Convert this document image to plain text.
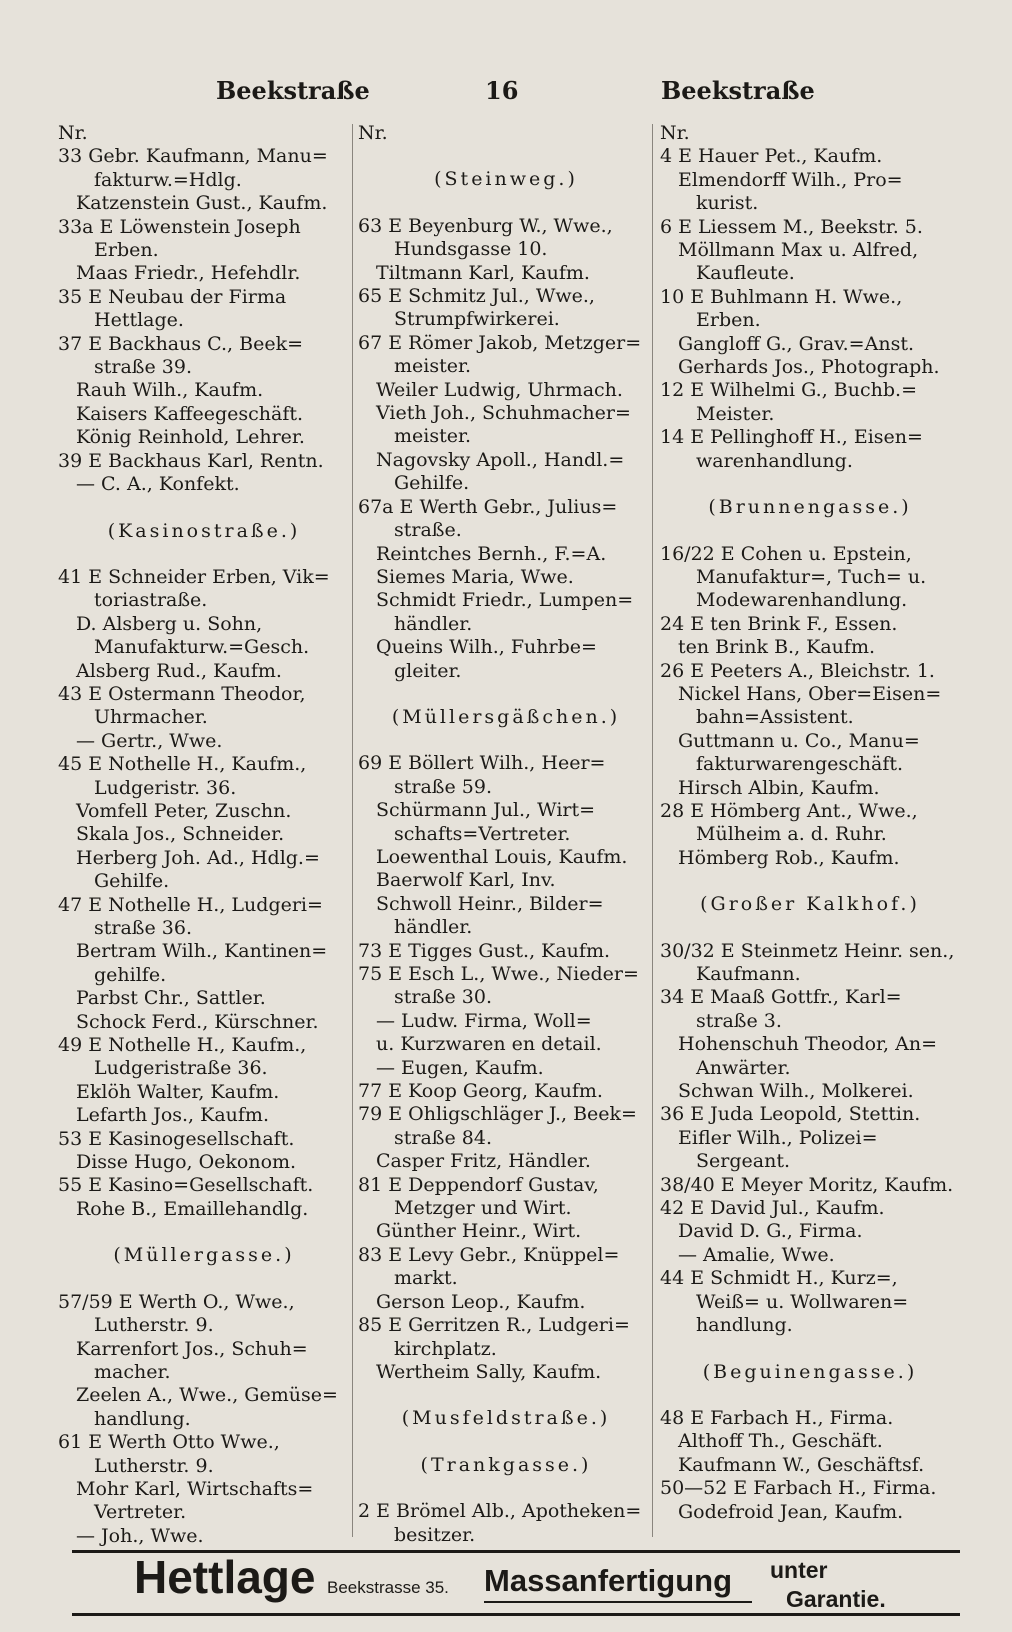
Beekstraße	16	Beekstraße
Nr.
33 Gebr. Kaufmann, Manu=
fakturw.=Hdlg.
Katzenstein Gust., Kaufm.
33a E Löwenstein Joseph
Erben.
Maas Friedr., Hefehdlr.
35 E Neubau der Firma
Hettlage.
37 E Backhaus C., Beek=
straße 39.
Rauh Wilh., Kaufm.
Kaisers Kaffeegeschäft.
König Reinhold, Lehrer.
39 E Backhaus Karl, Rentn.
— C. A., Konfekt.
(Kasinostraße.)
41 E Schneider Erben, Vik=
toriastraße.
D. Alsberg u. Sohn,
Manufakturw.=Gesch.
Alsberg Rud., Kaufm.
43 E Ostermann Theodor,
Uhrmacher.
— Gertr., Wwe.
45 E Nothelle H., Kaufm.,
Ludgeristr. 36.
Vomfell Peter, Zuschn.
Skala Jos., Schneider.
Herberg Joh. Ad., Hdlg.=
Gehilfe.
47 E Nothelle H., Ludgeri=
straße 36.
Bertram Wilh., Kantinen=
gehilfe.
Parbst Chr., Sattler.
Schock Ferd., Kürschner.
49 E Nothelle H., Kaufm.,
Ludgeristraße 36.
Eklöh Walter, Kaufm.
Lefarth Jos., Kaufm.
53 E Kasinogesellschaft.
Disse Hugo, Oekonom.
55 E Kasino=Gesellschaft.
Rohe B., Emaillehandlg.
(Müllergasse.)
57/59 E Werth O., Wwe.,
Lutherstr. 9.
Karrenfort Jos., Schuh=
macher.
Zeelen A., Wwe., Gemüse=
handlung.
61 E Werth Otto Wwe.,
Lutherstr. 9.
Mohr Karl, Wirtschafts=
Vertreter.
— Joh., Wwe.
Nr.
(Steinweg.)
63 E Beyenburg W., Wwe.,
Hundsgasse 10.
Tiltmann Karl, Kaufm.
65 E Schmitz Jul., Wwe.,
Strumpfwirkerei.
67 E Römer Jakob, Metzger=
meister.
Weiler Ludwig, Uhrmach.
Vieth Joh., Schuhmacher=
meister.
Nagovsky Apoll., Handl.=
Gehilfe.
67a E Werth Gebr., Julius=
straße.
Reintches Bernh., F.=A.
Siemes Maria, Wwe.
Schmidt Friedr., Lumpen=
händler.
Queins Wilh., Fuhrbe=
gleiter.
(Müllersgäßchen.)
69 E Böllert Wilh., Heer=
straße 59.
Schürmann Jul., Wirt=
schafts=Vertreter.
Loewenthal Louis, Kaufm.
Baerwolf Karl, Inv.
Schwoll Heinr., Bilder=
händler.
73 E Tigges Gust., Kaufm.
75 E Esch L., Wwe., Nieder=
straße 30.
— Ludw. Firma, Woll=
u. Kurzwaren en detail.
— Eugen, Kaufm.
77 E Koop Georg, Kaufm.
79 E Ohligschläger J., Beek=
straße 84.
Casper Fritz, Händler.
81 E Deppendorf Gustav,
Metzger und Wirt.
Günther Heinr., Wirt.
83 E Levy Gebr., Knüppel=
markt.
Gerson Leop., Kaufm.
85 E Gerritzen R., Ludgeri=
kirchplatz.
Wertheim Sally, Kaufm.
(Musfeldstraße.)
(Trankgasse.)
2 E Brömel Alb., Apotheken=
besitzer.
Nr.
4 E Hauer Pet., Kaufm.
Elmendorff Wilh., Pro=
kurist.
6 E Liessem M., Beekstr. 5.
Möllmann Max u. Alfred,
Kaufleute.
10 E Buhlmann H. Wwe.,
Erben.
Gangloff G., Grav.=Anst.
Gerhards Jos., Photograph.
12 E Wilhelmi G., Buchb.=
Meister.
14 E Pellinghoff H., Eisen=
warenhandlung.
(Brunnengasse.)
16/22 E Cohen u. Epstein,
Manufaktur=, Tuch= u.
Modewarenhandlung.
24 E ten Brink F., Essen.
ten Brink B., Kaufm.
26 E Peeters A., Bleichstr. 1.
Nickel Hans, Ober=Eisen=
bahn=Assistent.
Guttmann u. Co., Manu=
fakturwarengeschäft.
Hirsch Albin, Kaufm.
28 E Hömberg Ant., Wwe.,
Mülheim a. d. Ruhr.
Hömberg Rob., Kaufm.
(Großer Kalkhof.)
30/32 E Steinmetz Heinr. sen.,
Kaufmann.
34 E Maaß Gottfr., Karl=
straße 3.
Hohenschuh Theodor, An=
Anwärter.
Schwan Wilh., Molkerei.
36 E Juda Leopold, Stettin.
Eifler Wilh., Polizei=
Sergeant.
38/40 E Meyer Moritz, Kaufm.
42 E David Jul., Kaufm.
David D. G., Firma.
— Amalie, Wwe.
44 E Schmidt H., Kurz=,
Weiß= u. Wollwaren=
handlung.
(Beguinengasse.)
48 E Farbach H., Firma.
Althoff Th., Geschäft.
Kaufmann W., Geschäftsf.
50—52 E Farbach H., Firma.
Godefroid Jean, Kaufm.
Hettlage Beekstrasse 35. Massanfertigung unter
Garantie.
